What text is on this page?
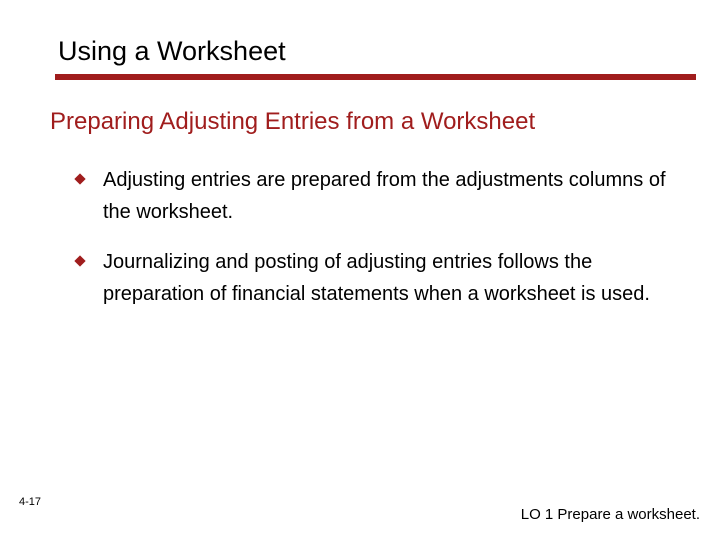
Using a Worksheet
Preparing Adjusting Entries from a Worksheet
Adjusting entries are prepared from the adjustments columns of the worksheet.
Journalizing and posting of adjusting entries follows the preparation of financial statements when a worksheet is used.
4-17
LO 1 Prepare a worksheet.
